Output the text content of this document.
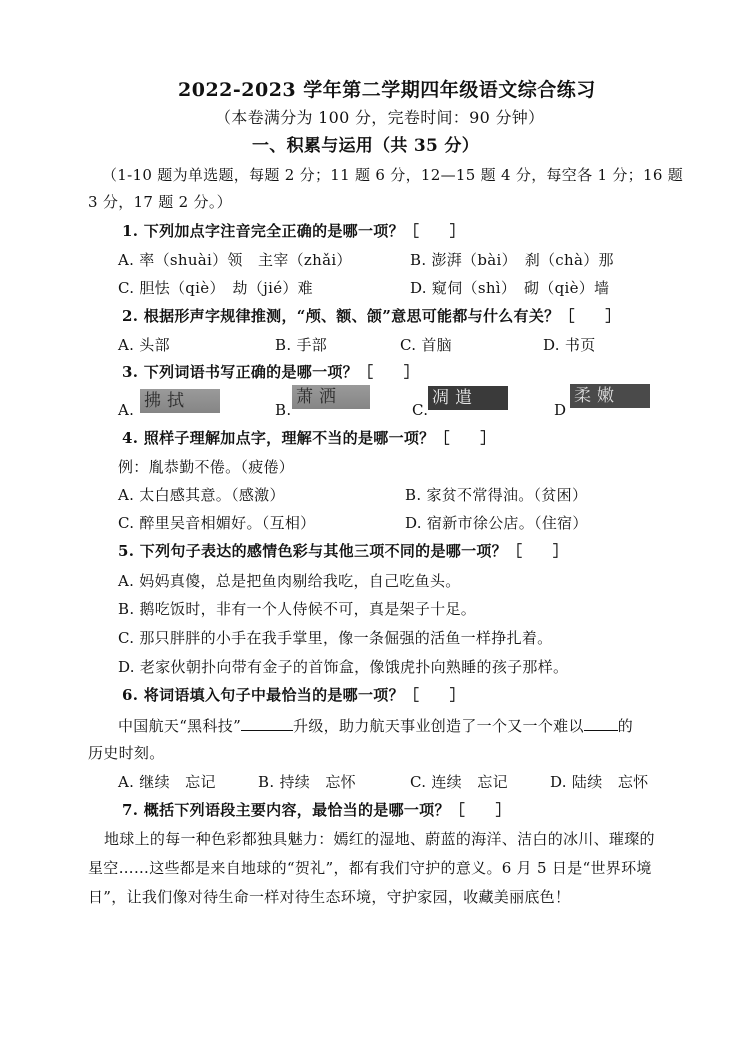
2022-2023 学年第二学期四年级语文综合练习
（本卷满分为 100 分，完卷时间：90 分钟）
一、积累与运用（共 35 分）
（1-10 题为单选题，每题 2 分；11 题 6 分，12—15 题 4 分，每空各 1 分；16 题
3 分，17 题 2 分。）
1. 下列加点字注音完全正确的是哪一项？［　　］
A. 率（shuài）领　主宰（zhǎi）	B. 澎湃（bài）　刹（chà）那
C. 胆怯（qiè）　劫（jié）难	D. 窥伺（shì）　砌（qiè）墙
2. 根据形声字规律推测，“颅、额、颌”意思可能都与什么有关？［　　］
A. 头部	B. 手部	C. 首脑	D. 书页
3. 下列词语书写正确的是哪一项？［　　］
A. 拂拭	B.
萧洒
C.
凋遣
D
柔嫩
4. 照样子理解加点字，理解不当的是哪一项？［　　］
例：胤恭勤不倦。（疲倦）
A. 太白感其意。（感激）	B. 家贫不常得油。（贫困）
C. 醉里吴音相媚好。（互相）	D. 宿新市徐公店。（住宿）
5. 下列句子表达的感情色彩与其他三项不同的是哪一项？［　　］
A. 妈妈真傻，总是把鱼肉剔给我吃，自己吃鱼头。
B. 鹅吃饭时，非有一个人侍候不可，真是架子十足。
C. 那只胖胖的小手在我手掌里，像一条倔强的活鱼一样挣扎着。
D. 老家伙朝扑向带有金子的首饰盒，像饿虎扑向熟睡的孩子那样。
6. 将词语填入句子中最恰当的是哪一项？［　　］
中国航天“黑科技”	升级，助力航天事业创造了一个又一个难以 的
历史时刻。
A. 继续　忘记	B. 持续　忘怀	C. 连续　忘记	D. 陆续　忘怀
7. 概括下列语段主要内容，最恰当的是哪一项？［　　］
地球上的每一种色彩都独具魅力：嫣红的湿地、蔚蓝的海洋、洁白的冰川、璀璨的
星空……这些都是来自地球的“贺礼”，都有我们守护的意义。6 月 5 日是“世界环境
日”，让我们像对待生命一样对待生态环境，守护家园，收藏美丽底色！
